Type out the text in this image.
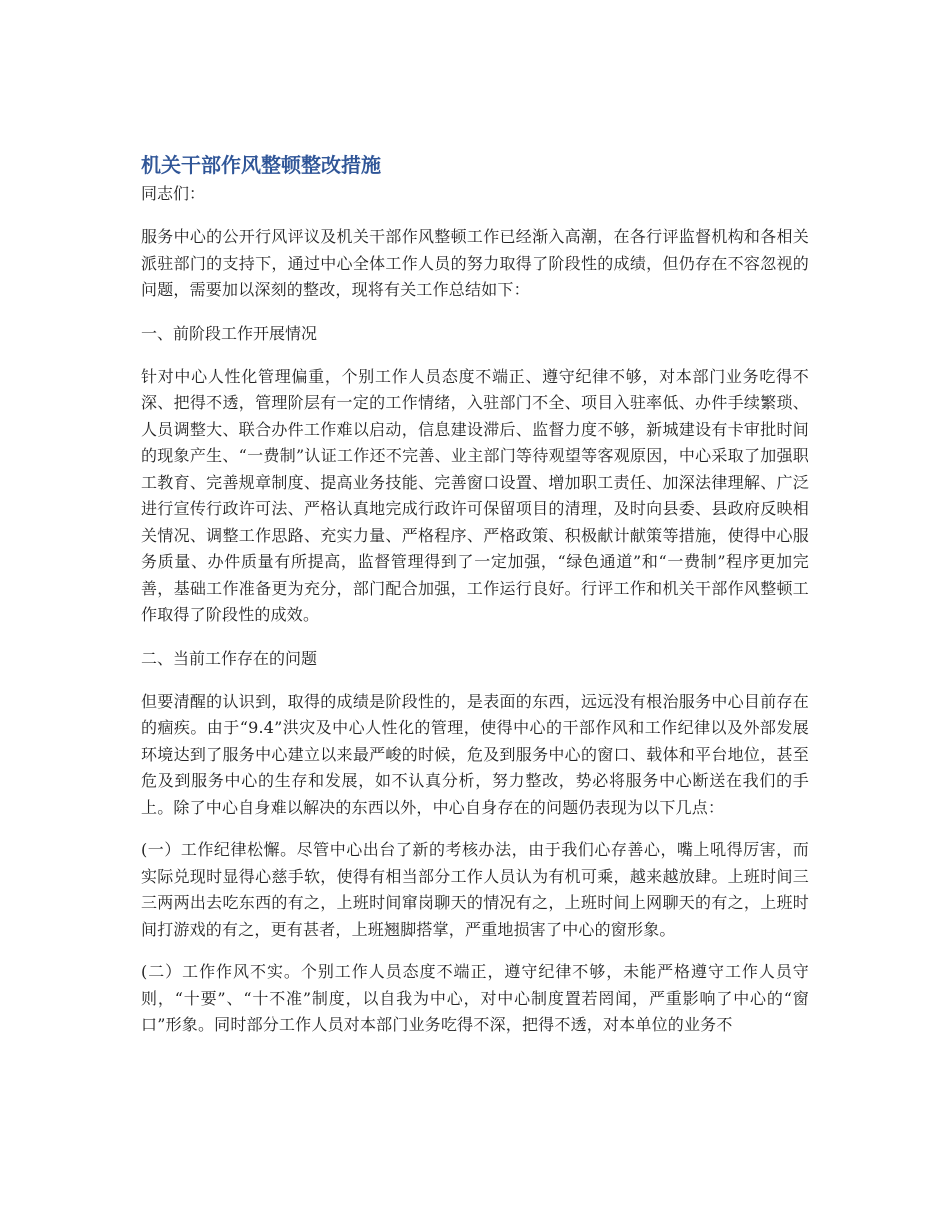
机关干部作风整顿整改措施

同志们：

服务中心的公开行风评议及机关干部作风整顿工作已经渐入高潮，在各行评监督机构和各相关派驻部门的支持下，通过中心全体工作人员的努力取得了阶段性的成绩，但仍存在不容忽视的问题，需要加以深刻的整改，现将有关工作总结如下：

一、前阶段工作开展情况

针对中心人性化管理偏重，个别工作人员态度不端正、遵守纪律不够，对本部门业务吃得不深、把得不透，管理阶层有一定的工作情绪，入驻部门不全、项目入驻率低、办件手续繁琐、人员调整大、联合办件工作难以启动，信息建设滞后、监督力度不够，新城建设有卡审批时间的现象产生、“一费制”认证工作还不完善、业主部门等待观望等客观原因，中心采取了加强职工教育、完善规章制度、提高业务技能、完善窗口设置、增加职工责任、加深法律理解、广泛进行宣传行政许可法、严格认真地完成行政许可保留项目的清理，及时向县委、县政府反映相关情况、调整工作思路、充实力量、严格程序、严格政策、积极献计献策等措施，使得中心服务质量、办件质量有所提高，监督管理得到了一定加强，“绿色通道”和“一费制”程序更加完善，基础工作准备更为充分，部门配合加强，工作运行良好。行评工作和机关干部作风整顿工作取得了阶段性的成效。

二、当前工作存在的问题

但要清醒的认识到，取得的成绩是阶段性的，是表面的东西，远远没有根治服务中心目前存在的痼疾。由于“9.4”洪灾及中心人性化的管理，使得中心的干部作风和工作纪律以及外部发展环境达到了服务中心建立以来最严峻的时候，危及到服务中心的窗口、载体和平台地位，甚至危及到服务中心的生存和发展，如不认真分析，努力整改，势必将服务中心断送在我们的手上。除了中心自身难以解决的东西以外，中心自身存在的问题仍表现为以下几点：

(一）工作纪律松懈。尽管中心出台了新的考核办法，由于我们心存善心，嘴上吼得厉害，而实际兑现时显得心慈手软，使得有相当部分工作人员认为有机可乘，越来越放肆。上班时间三三两两出去吃东西的有之，上班时间窜岗聊天的情况有之，上班时间上网聊天的有之，上班时间打游戏的有之，更有甚者，上班翘脚搭掌，严重地损害了中心的窗形象。

(二）工作作风不实。个别工作人员态度不端正，遵守纪律不够，未能严格遵守工作人员守则，“十要”、“十不准”制度，以自我为中心，对中心制度置若罔闻，严重影响了中心的“窗口”形象。同时部分工作人员对本部门业务吃得不深，把得不透，对本单位的业务不
